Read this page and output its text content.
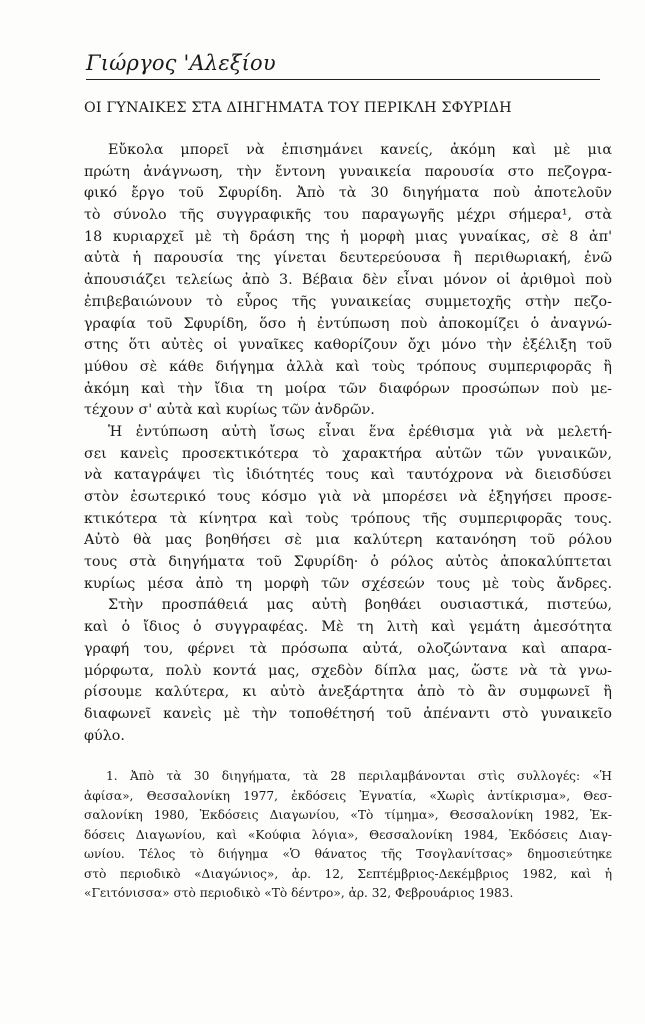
Γιώργος 'Αλεξίου
ΟΙ ΓΥΝΑΙΚΕΣ ΣΤΑ ΔΙΗΓΗΜΑΤΑ ΤΟΥ ΠΕΡΙΚΛΗ ΣΦΥΡΙΔΗ
Εὔκολα μπορεῖ νὰ ἐπισημάνει κανείς, ἀκόμη καὶ μὲ μια
πρώτη ἀνάγνωση, τὴν ἔντονη γυναικεία παρουσία στο πεζογρα-
φικό ἔργο τοῦ Σφυρίδη. Ἀπὸ τὰ 30 διηγήματα ποὺ ἀποτελοῦν
τὸ σύνολο τῆς συγγραφικῆς του παραγωγῆς μέχρι σήμερα¹, στὰ
18 κυριαρχεῖ μὲ τὴ δράση της ἡ μορφὴ μιας γυναίκας, σὲ 8 ἀπ'
αὐτὰ ἡ παρουσία της γίνεται δευτερεύουσα ἢ περιθωριακή, ἐνῶ
ἀπουσιάζει τελείως ἀπὸ 3. Βέβαια δὲν εἶναι μόνον οἱ ἀριθμοὶ ποὺ
ἐπιβεβαιώνουν τὸ εὖρος τῆς γυναικείας συμμετοχῆς στὴν πεζο-
γραφία τοῦ Σφυρίδη, ὅσο ἡ ἐντύπωση ποὺ ἀποκομίζει ὁ ἀναγνώ-
στης ὅτι αὐτὲς οἱ γυναῖκες καθορίζουν ὄχι μόνο τὴν ἐξέλιξη τοῦ
μύθου σὲ κάθε διήγημα ἀλλὰ καὶ τοὺς τρόπους συμπεριφορᾶς ἢ
ἀκόμη καὶ τὴν ἴδια τη μοίρα τῶν διαφόρων προσώπων ποὺ με-
τέχουν σ' αὐτὰ καὶ κυρίως τῶν ἀνδρῶν.
Ἡ ἐντύπωση αὐτὴ ἴσως εἶναι ἕνα ἐρέθισμα γιὰ νὰ μελετή-
σει κανεὶς προσεκτικότερα τὸ χαρακτήρα αὐτῶν τῶν γυναικῶν,
νὰ καταγράψει τὶς ἰδιότητές τους καὶ ταυτόχρονα νὰ διεισδύσει
στὸν ἐσωτερικό τους κόσμο γιὰ νὰ μπορέσει νὰ ἐξηγήσει προσε-
κτικότερα τὰ κίνητρα καὶ τοὺς τρόπους τῆς συμπεριφορᾶς τους.
Αὐτὸ θὰ μας βοηθήσει σὲ μια καλύτερη κατανόηση τοῦ ρόλου
τους στὰ διηγήματα τοῦ Σφυρίδη· ὁ ρόλος αὐτὸς ἀποκαλύπτεται
κυρίως μέσα ἀπὸ τη μορφὴ τῶν σχέσεών τους μὲ τοὺς ἄνδρες.
Στὴν προσπάθειά μας αὐτὴ βοηθάει ουσιαστικά, πιστεύω,
καὶ ὁ ἴδιος ὁ συγγραφέας. Μὲ τη λιτὴ καὶ γεμάτη ἀμεσότητα
γραφή του, φέρνει τὰ πρόσωπα αὐτά, ολοζώντανα καὶ απαρα-
μόρφωτα, πολὺ κοντά μας, σχεδὸν δίπλα μας, ὥστε νὰ τὰ γνω-
ρίσουμε καλύτερα, κι αὐτὸ ἀνεξάρτητα ἀπὸ τὸ ἂν συμφωνεῖ ἢ
διαφωνεῖ κανεὶς μὲ τὴν τοποθέτησή τοῦ ἀπέναντι στὸ γυναικεῖο
φύλο.
1. Ἀπὸ τὰ 30 διηγήματα, τὰ 28 περιλαμβάνονται στὶς συλλογές: «Ἡ
ἀφίσα», Θεσσαλονίκη 1977, ἐκδόσεις Ἐγνατία, «Χωρὶς ἀντίκρισμα», Θεσ-
σαλονίκη 1980, Ἐκδόσεις Διαγωνίου, «Τὸ τίμημα», Θεσσαλονίκη 1982, Ἐκ-
δόσεις Διαγωνίου, καὶ «Κούφια λόγια», Θεσσαλονίκη 1984, Ἐκδόσεις Διαγ-
ωνίου. Τέλος τὸ διήγημα «Ὁ θάνατος τῆς Τσογλανίτσας» δημοσιεύτηκε
στὸ περιοδικὸ «Διαγώνιος», ἀρ. 12, Σεπτέμβριος-Δεκέμβριος 1982, καὶ ἡ
«Γειτόνισσα» στὸ περιοδικὸ «Τὸ δέντρο», ἀρ. 32, Φεβρουάριος 1983.
